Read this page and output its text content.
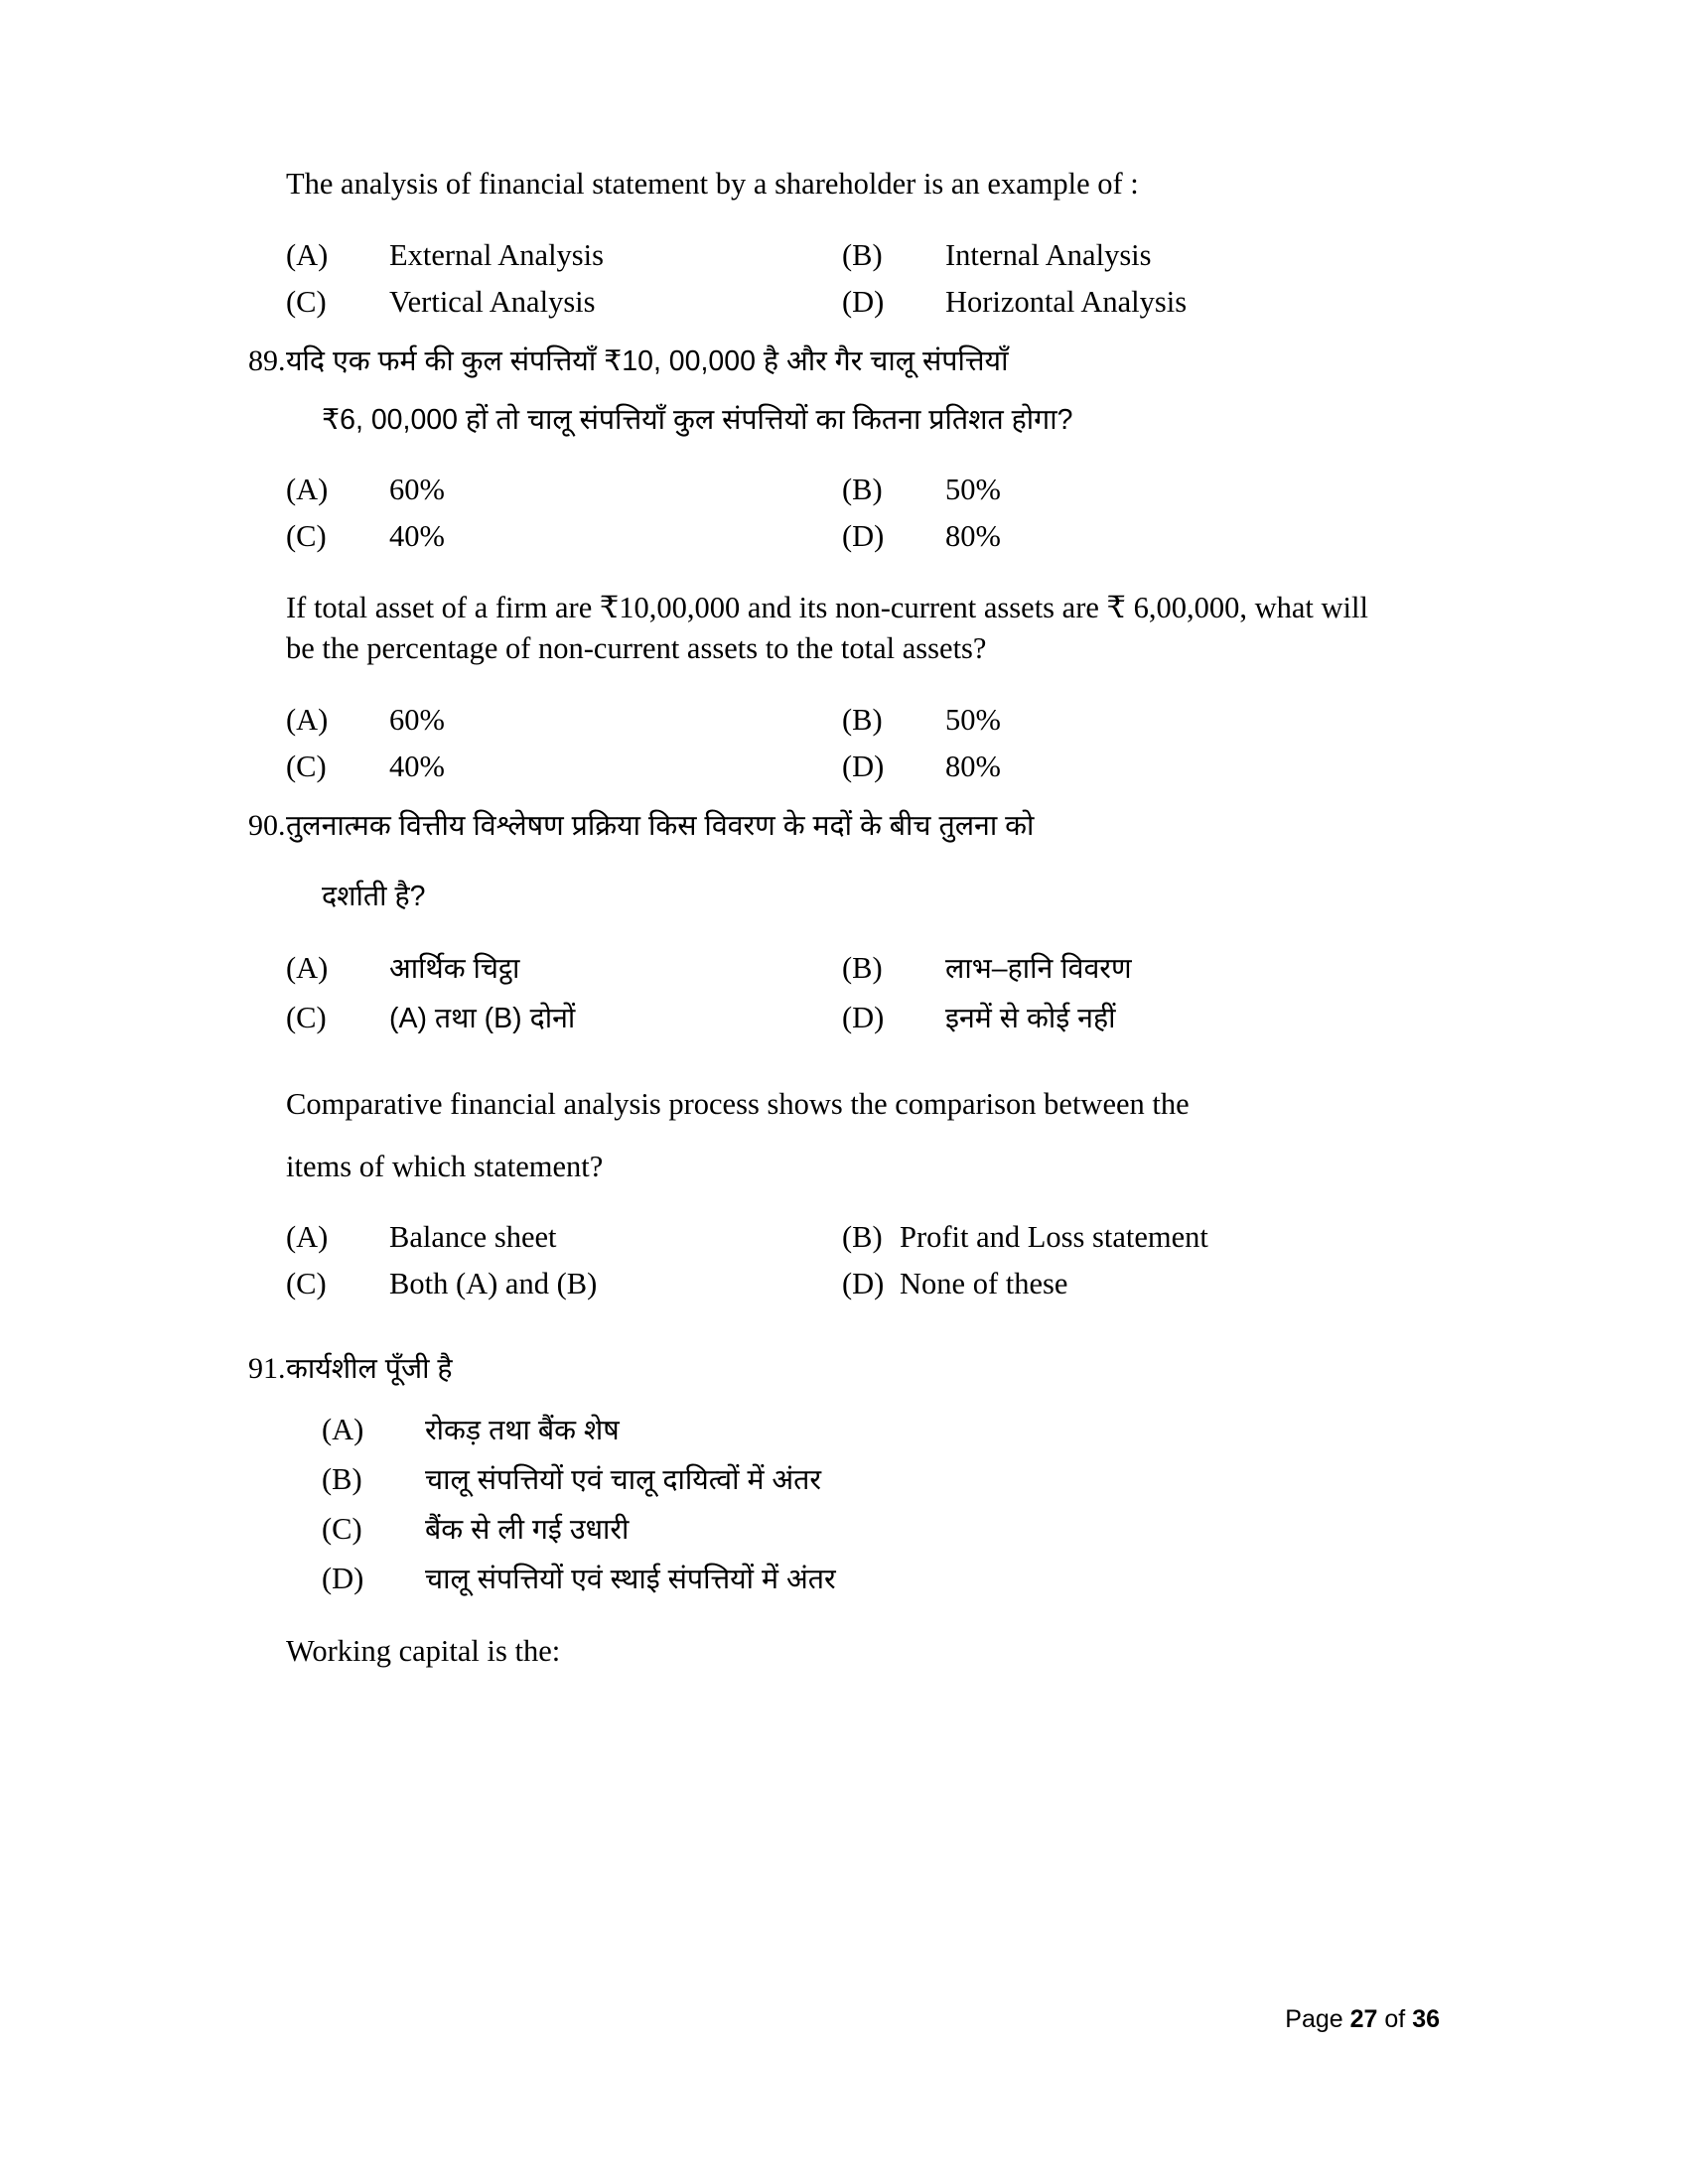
The analysis of financial statement by a shareholder is an example of :
(A)	External Analysis	(B)	Internal Analysis
(C)	Vertical Analysis	(D)	Horizontal Analysis
89.यदि एक फर्म की कुल संपत्तियाँ ₹10, 00,000 है और गैर चालू संपत्तियाँ
₹6, 00,000 हों तो चालू संपत्तियाँ कुल संपत्तियों का कितना प्रतिशत होगा?
(A)	60%	(B)	50%
(C)	40%	(D)	80%
If total asset of a firm are ₹10,00,000 and its non-current assets are ₹ 6,00,000, what will be the percentage of non-current assets to the total assets?
(A)	60%	(B)	50%
(C)	40%	(D)	80%
90.तुलनात्मक वित्तीय विश्लेषण प्रक्रिया किस विवरण के मदों के बीच तुलना को
दर्शाती है?
(A)	आर्थिक चिट्ठा	(B)	लाभ–हानि विवरण
(C)	(A) तथा (B) दोनों	(D)	इनमें से कोई नहीं
Comparative financial analysis process shows the comparison between the
items of which statement?
(A)	Balance sheet	(B) Profit and Loss statement
(C)	Both (A) and (B)	(D) None of these
91.कार्यशील पूँजी है
(A)	रोकड़ तथा बैंक शेष
(B)	चालू संपत्तियों एवं चालू दायित्वों में अंतर
(C)	बैंक से ली गई उधारी
(D)	चालू संपत्तियों एवं स्थाई संपत्तियों में अंतर
Working capital is the:
Page 27 of 36
